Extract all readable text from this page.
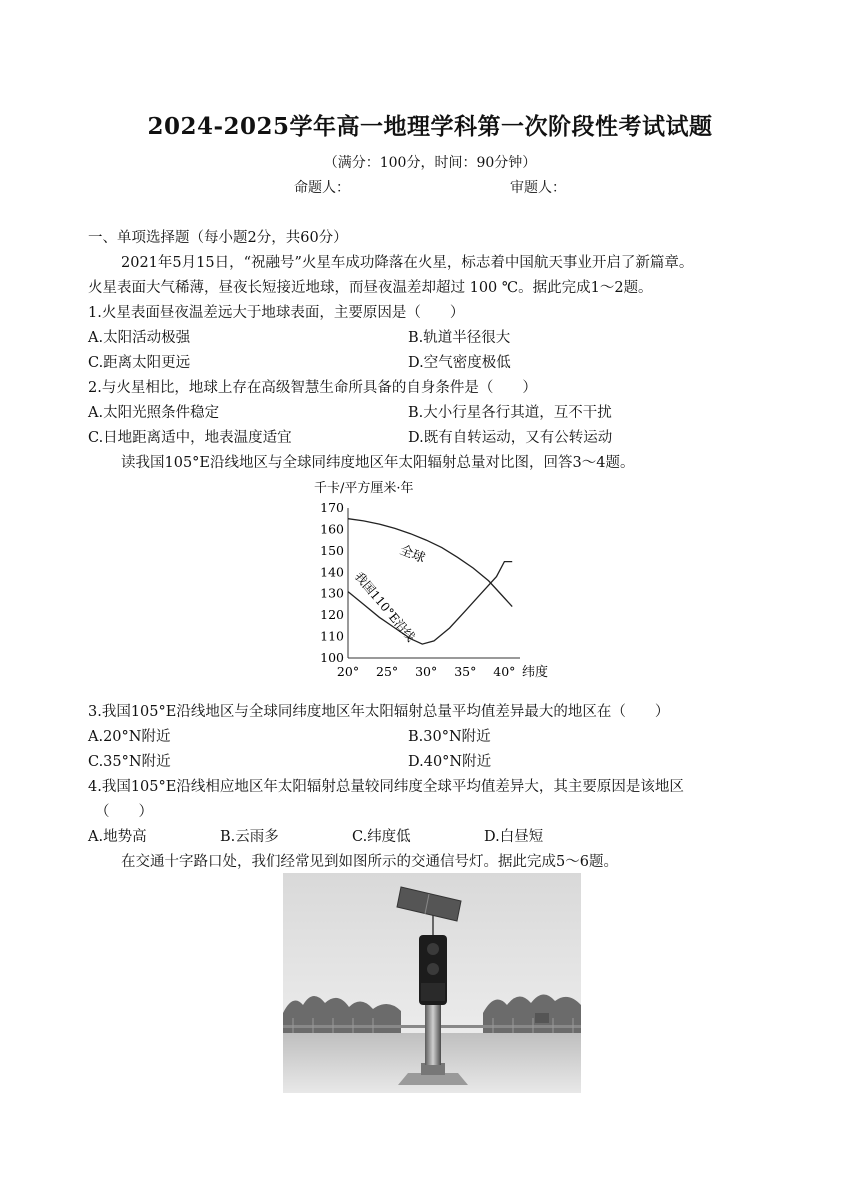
2024-2025学年高一地理学科第一次阶段性考试试题
（满分：100分，时间：90分钟）
命题人：	审题人：
一、单项选择题（每小题2分，共60分）
2021年5月15日，“祝融号”火星车成功降落在火星，标志着中国航天事业开启了新篇章。
火星表面大气稀薄，昼夜长短接近地球，而昼夜温差却超过 100 ℃。据此完成1～2题。
1.火星表面昼夜温差远大于地球表面，主要原因是（　　）
A.太阳活动极强	B.轨道半径很大
C.距离太阳更远	D.空气密度极低
2.与火星相比，地球上存在高级智慧生命所具备的自身条件是（　　）
A.太阳光照条件稳定	B.大小行星各行其道，互不干扰
C.日地距离适中，地表温度适宜	D.既有自转运动，又有公转运动
读我国105°E沿线地区与全球同纬度地区年太阳辐射总量对比图，回答3～4题。
千卡/平方厘米·年
170
160
150
140
130
120
110
100
20° 25° 30° 35° 40° 纬度
全球
我国110°E沿线
3.我国105°E沿线地区与全球同纬度地区年太阳辐射总量平均值差异最大的地区在（　　）
A.20°N附近	B.30°N附近
C.35°N附近	D.40°N附近
4.我国105°E沿线相应地区年太阳辐射总量较同纬度全球平均值差异大，其主要原因是该地区
（　　）
A.地势高	B.云雨多	C.纬度低	D.白昼短
在交通十字路口处，我们经常见到如图所示的交通信号灯。据此完成5～6题。
